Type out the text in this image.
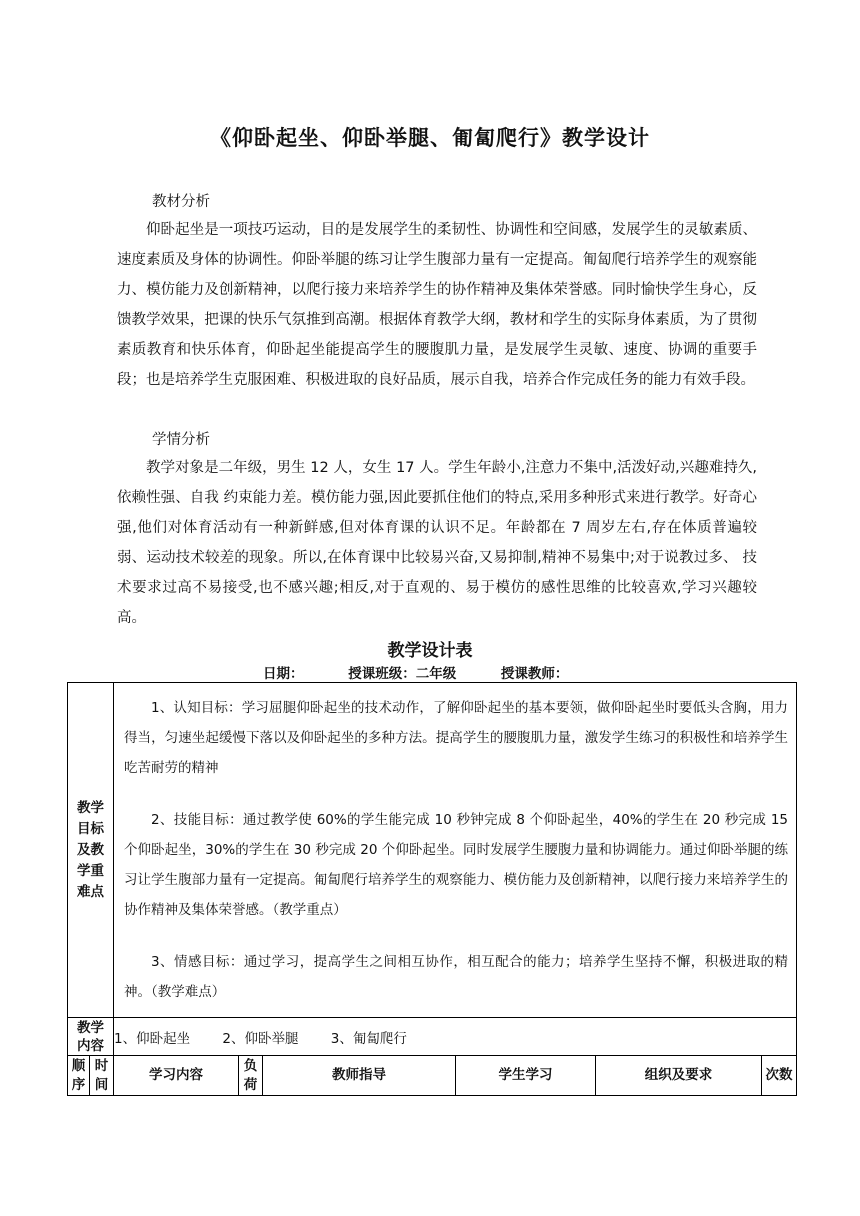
《仰卧起坐、仰卧举腿、匍匐爬行》教学设计
教材分析

仰卧起坐是一项技巧运动，目的是发展学生的柔韧性、协调性和空间感，发展学生的灵敏素质、速度素质及身体的协调性。仰卧举腿的练习让学生腹部力量有一定提高。匍匐爬行培养学生的观察能力、模仿能力及创新精神，以爬行接力来培养学生的协作精神及集体荣誉感。同时愉快学生身心，反馈教学效果，把课的快乐气氛推到高潮。根据体育教学大纲，教材和学生的实际身体素质，为了贯彻素质教育和快乐体育，仰卧起坐能提高学生的腰腹肌力量，是发展学生灵敏、速度、协调的重要手段；也是培养学生克服困难、积极进取的良好品质，展示自我，培养合作完成任务的能力有效手段。

学情分析

教学对象是二年级，男生 12 人，女生 17 人。学生年龄小,注意力不集中,活泼好动,兴趣难持久,依赖性强、自我 约束能力差。模仿能力强,因此要抓住他们的特点,采用多种形式来进行教学。好奇心强,他们对体育活动有一种新鲜感,但对体育课的认识不足。年龄都在 7 周岁左右,存在体质普遍较弱、运动技术较差的现象。所以,在体育课中比较易兴奋,又易抑制,精神不易集中;对于说教过多、 技术要求过高不易接受,也不感兴趣;相反,对于直观的、易于模仿的感性思维的比较喜欢,学习兴趣较高。

教学设计表
日期：	授课班级：二年级	授课教师：
教学目标及教学重难点		1、认知目标：学习屈腿仰卧起坐的技术动作，了解仰卧起坐的基本要领，做仰卧起坐时要低头含胸，用力得当，匀速坐起缓慢下落以及仰卧起坐的多种方法。提高学生的腰腹肌力量，激发学生练习的积极性和培养学生吃苦耐劳的精神

2、技能目标：通过教学使 60%的学生能完成 10 秒钟完成 8 个仰卧起坐，40%的学生在 20 秒完成 15 个仰卧起坐，30%的学生在 30 秒完成 20 个仰卧起坐。同时发展学生腰腹力量和协调能力。通过仰卧举腿的练习让学生腹部力量有一定提高。匍匐爬行培养学生的观察能力、模仿能力及创新精神，以爬行接力来培养学生的协作精神及集体荣誉感。（教学重点）

3、情感目标：通过学习，提高学生之间相互协作，相互配合的能力；培养学生坚持不懈，积极进取的精神。（教学难点）					

教学内容		1、仰卧起坐 2、仰卧举腿 3、匍匐爬行					
顺序	时间	学习内容	负荷	教师指导	学生学习	组织及要求	次数
